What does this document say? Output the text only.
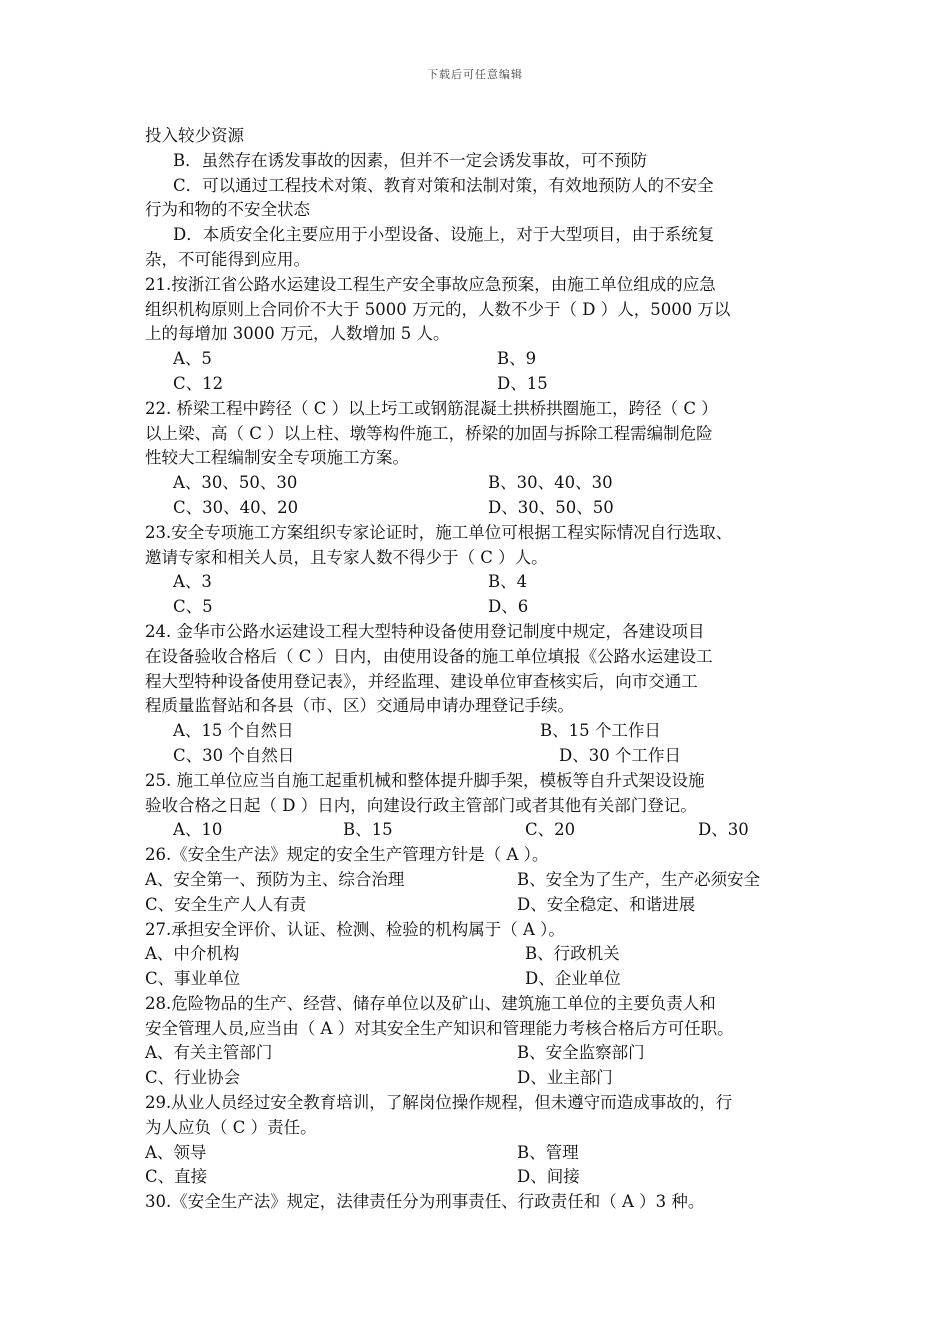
下载后可任意编辑
投入较少资源
B．虽然存在诱发事故的因素，但并不一定会诱发事故，可不预防
C．可以通过工程技术对策、教育对策和法制对策，有效地预防人的不安全
行为和物的不安全状态
D．本质安全化主要应用于小型设备、设施上，对于大型项目，由于系统复
杂，不可能得到应用。
21.按浙江省公路水运建设工程生产安全事故应急预案，由施工单位组成的应急
组织机构原则上合同价不大于 5000 万元的，人数不少于（ D ）人，5000 万以
上的每增加 3000 万元，人数增加 5 人。
A、5	B、9
C、12	D、15
22. 桥梁工程中跨径（ C ）以上圬工或钢筋混凝土拱桥拱圈施工，跨径（ C ）
以上梁、高（ C ）以上柱、墩等构件施工，桥梁的加固与拆除工程需编制危险
性较大工程编制安全专项施工方案。
A、30、50、30	B、30、40、30
C、30、40、20	D、30、50、50
23.安全专项施工方案组织专家论证时，施工单位可根据工程实际情况自行选取、
邀请专家和相关人员，且专家人数不得少于（ C ）人。
A、3	B、4
C、5	D、6
24. 金华市公路水运建设工程大型特种设备使用登记制度中规定，各建设项目
在设备验收合格后（ C ）日内，由使用设备的施工单位填报《公路水运建设工
程大型特种设备使用登记表》，并经监理、建设单位审查核实后，向市交通工
程质量监督站和各县（市、区）交通局申请办理登记手续。
A、15 个自然日	B、15 个工作日
C、30 个自然日	D、30 个工作日
25. 施工单位应当自施工起重机械和整体提升脚手架，模板等自升式架设设施
验收合格之日起（ D ）日内，向建设行政主管部门或者其他有关部门登记。
A、10	B、15	C、20	D、30
26.《安全生产法》规定的安全生产管理方针是（ A ）。
A、安全第一、预防为主、综合治理	B、安全为了生产，生产必须安全
C、安全生产人人有责	D、安全稳定、和谐进展
27.承担安全评价、认证、检测、检验的机构属于（ A ）。
A、中介机构	B、行政机关
C、事业单位	D、企业单位
28.危险物品的生产、经营、储存单位以及矿山、建筑施工单位的主要负责人和
安全管理人员,应当由（ A ）对其安全生产知识和管理能力考核合格后方可任职。
A、有关主管部门	B、安全监察部门
C、行业协会	D、业主部门
29.从业人员经过安全教育培训，了解岗位操作规程，但未遵守而造成事故的，行
为人应负（ C ）责任。
A、领导	B、管理
C、直接	D、间接
30.《安全生产法》规定，法律责任分为刑事责任、行政责任和（ A ）3 种。
